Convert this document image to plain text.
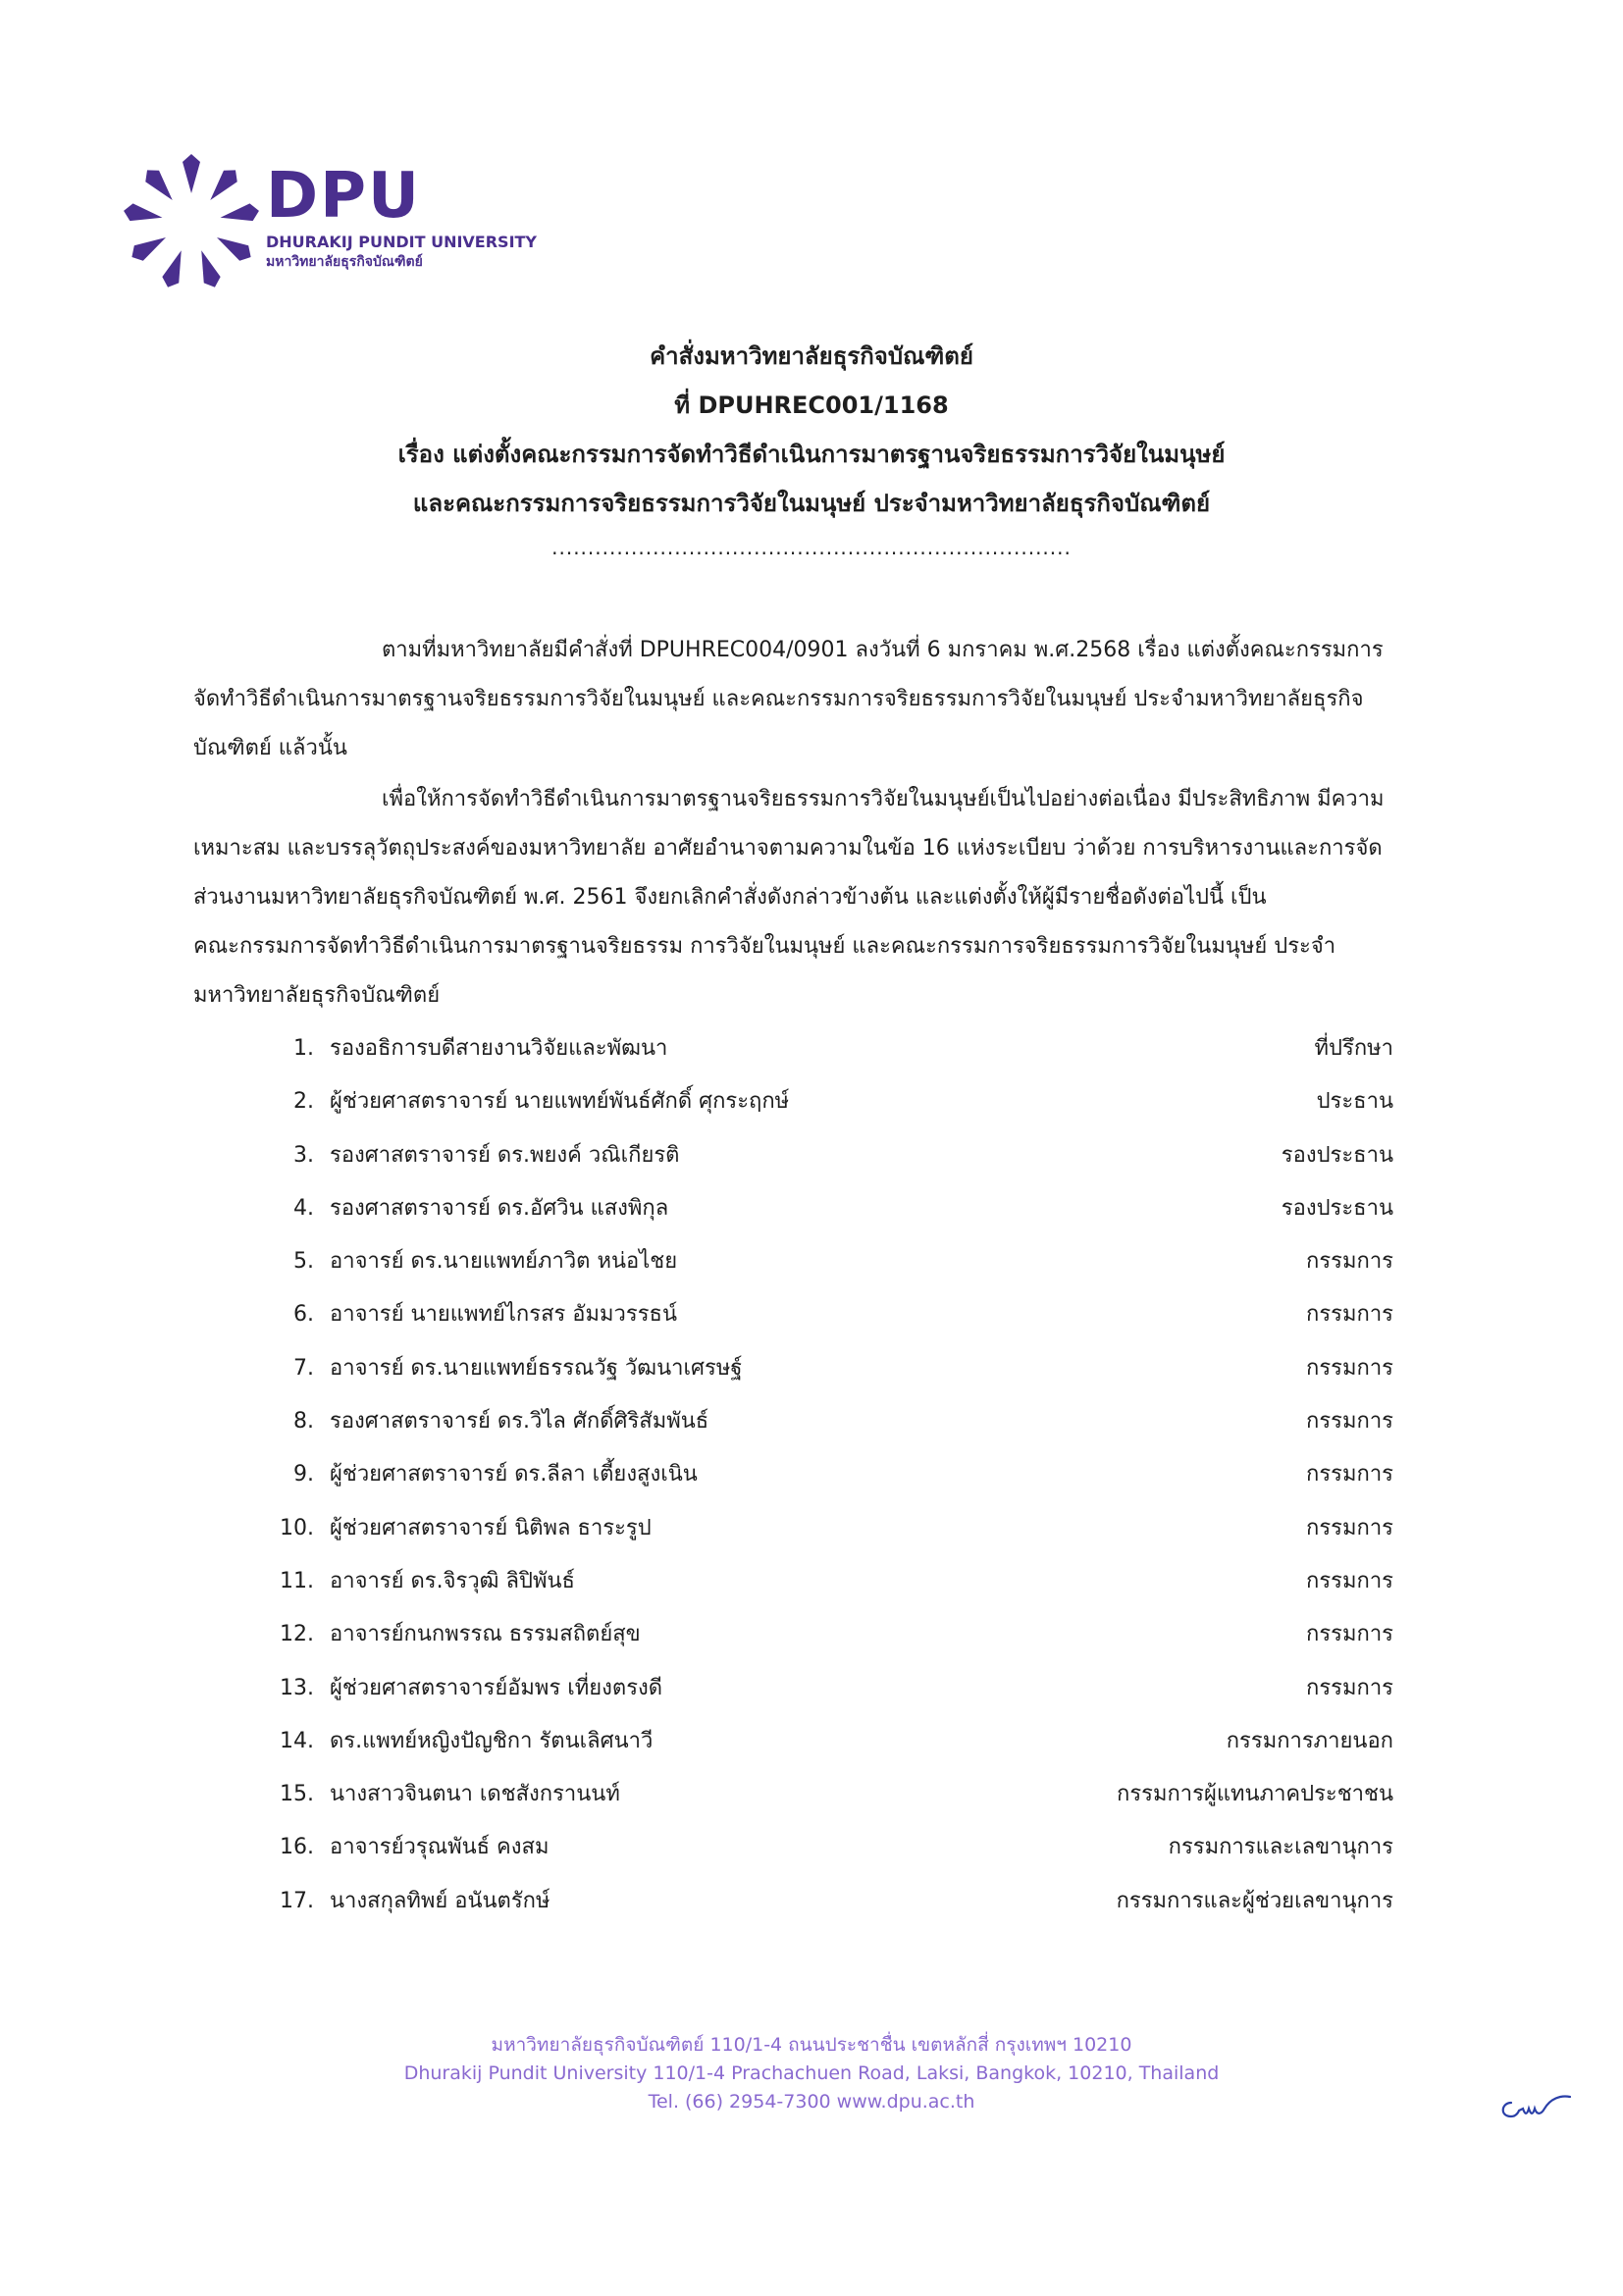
DPU
DHURAKIJ PUNDIT UNIVERSITY
มหาวิทยาลัยธุรกิจบัณฑิตย์
คำสั่งมหาวิทยาลัยธุรกิจบัณฑิตย์
ที่ DPUHREC001/1168
เรื่อง แต่งตั้งคณะกรรมการจัดทำวิธีดำเนินการมาตรฐานจริยธรรมการวิจัยในมนุษย์
และคณะกรรมการจริยธรรมการวิจัยในมนุษย์ ประจำมหาวิทยาลัยธุรกิจบัณฑิตย์
........................................................................
ตามที่มหาวิทยาลัยมีคำสั่งที่ DPUHREC004/0901 ลงวันที่ 6 มกราคม พ.ศ.2568 เรื่อง แต่งตั้งคณะกรรมการ
จัดทำวิธีดำเนินการมาตรฐานจริยธรรมการวิจัยในมนุษย์ และคณะกรรมการจริยธรรมการวิจัยในมนุษย์ ประจำมหาวิทยาลัยธุรกิจ
บัณฑิตย์ แล้วนั้น
เพื่อให้การจัดทำวิธีดำเนินการมาตรฐานจริยธรรมการวิจัยในมนุษย์เป็นไปอย่างต่อเนื่อง มีประสิทธิภาพ มีความ
เหมาะสม และบรรลุวัตถุประสงค์ของมหาวิทยาลัย อาศัยอำนาจตามความในข้อ 16 แห่งระเบียบ ว่าด้วย การบริหารงานและการจัด
ส่วนงานมหาวิทยาลัยธุรกิจบัณฑิตย์ พ.ศ. 2561 จึงยกเลิกคำสั่งดังกล่าวข้างต้น และแต่งตั้งให้ผู้มีรายชื่อดังต่อไปนี้ เป็น
คณะกรรมการจัดทำวิธีดำเนินการมาตรฐานจริยธรรม การวิจัยในมนุษย์ และคณะกรรมการจริยธรรมการวิจัยในมนุษย์ ประจำ
มหาวิทยาลัยธุรกิจบัณฑิตย์
1. รองอธิการบดีสายงานวิจัยและพัฒนา	ที่ปรึกษา
2. ผู้ช่วยศาสตราจารย์ นายแพทย์พันธ์ศักดิ์ ศุกระฤกษ์	ประธาน
3. รองศาสตราจารย์ ดร.พยงค์ วณิเกียรติ	รองประธาน
4. รองศาสตราจารย์ ดร.อัศวิน แสงพิกุล	รองประธาน
5. อาจารย์ ดร.นายแพทย์ภาวิต หน่อไชย	กรรมการ
6. อาจารย์ นายแพทย์ไกรสร อัมมวรรธน์	กรรมการ
7. อาจารย์ ดร.นายแพทย์ธรรณวัฐ วัฒนาเศรษฐ์	กรรมการ
8. รองศาสตราจารย์ ดร.วิไล ศักดิ์ศิริสัมพันธ์	กรรมการ
9. ผู้ช่วยศาสตราจารย์ ดร.ลีลา เตี้ยงสูงเนิน	กรรมการ
10. ผู้ช่วยศาสตราจารย์ นิติพล ธาระรูป	กรรมการ
11. อาจารย์ ดร.จิรวุฒิ ลิปิพันธ์	กรรมการ
12. อาจารย์กนกพรรณ ธรรมสถิตย์สุข	กรรมการ
13. ผู้ช่วยศาสตราจารย์อัมพร เที่ยงตรงดี	กรรมการ
14. ดร.แพทย์หญิงปัญชิกา รัตนเลิศนาวี	กรรมการภายนอก
15. นางสาวจินตนา เดชสังกรานนท์	กรรมการผู้แทนภาคประชาชน
16. อาจารย์วรุณพันธ์ คงสม	กรรมการและเลขานุการ
17. นางสกุลทิพย์ อนันตรักษ์	กรรมการและผู้ช่วยเลขานุการ
มหาวิทยาลัยธุรกิจบัณฑิตย์ 110/1-4 ถนนประชาชื่น เขตหลักสี่ กรุงเทพฯ 10210
Dhurakij Pundit University 110/1-4 Prachachuen Road, Laksi, Bangkok, 10210, Thailand
Tel. (66) 2954-7300 www.dpu.ac.th
